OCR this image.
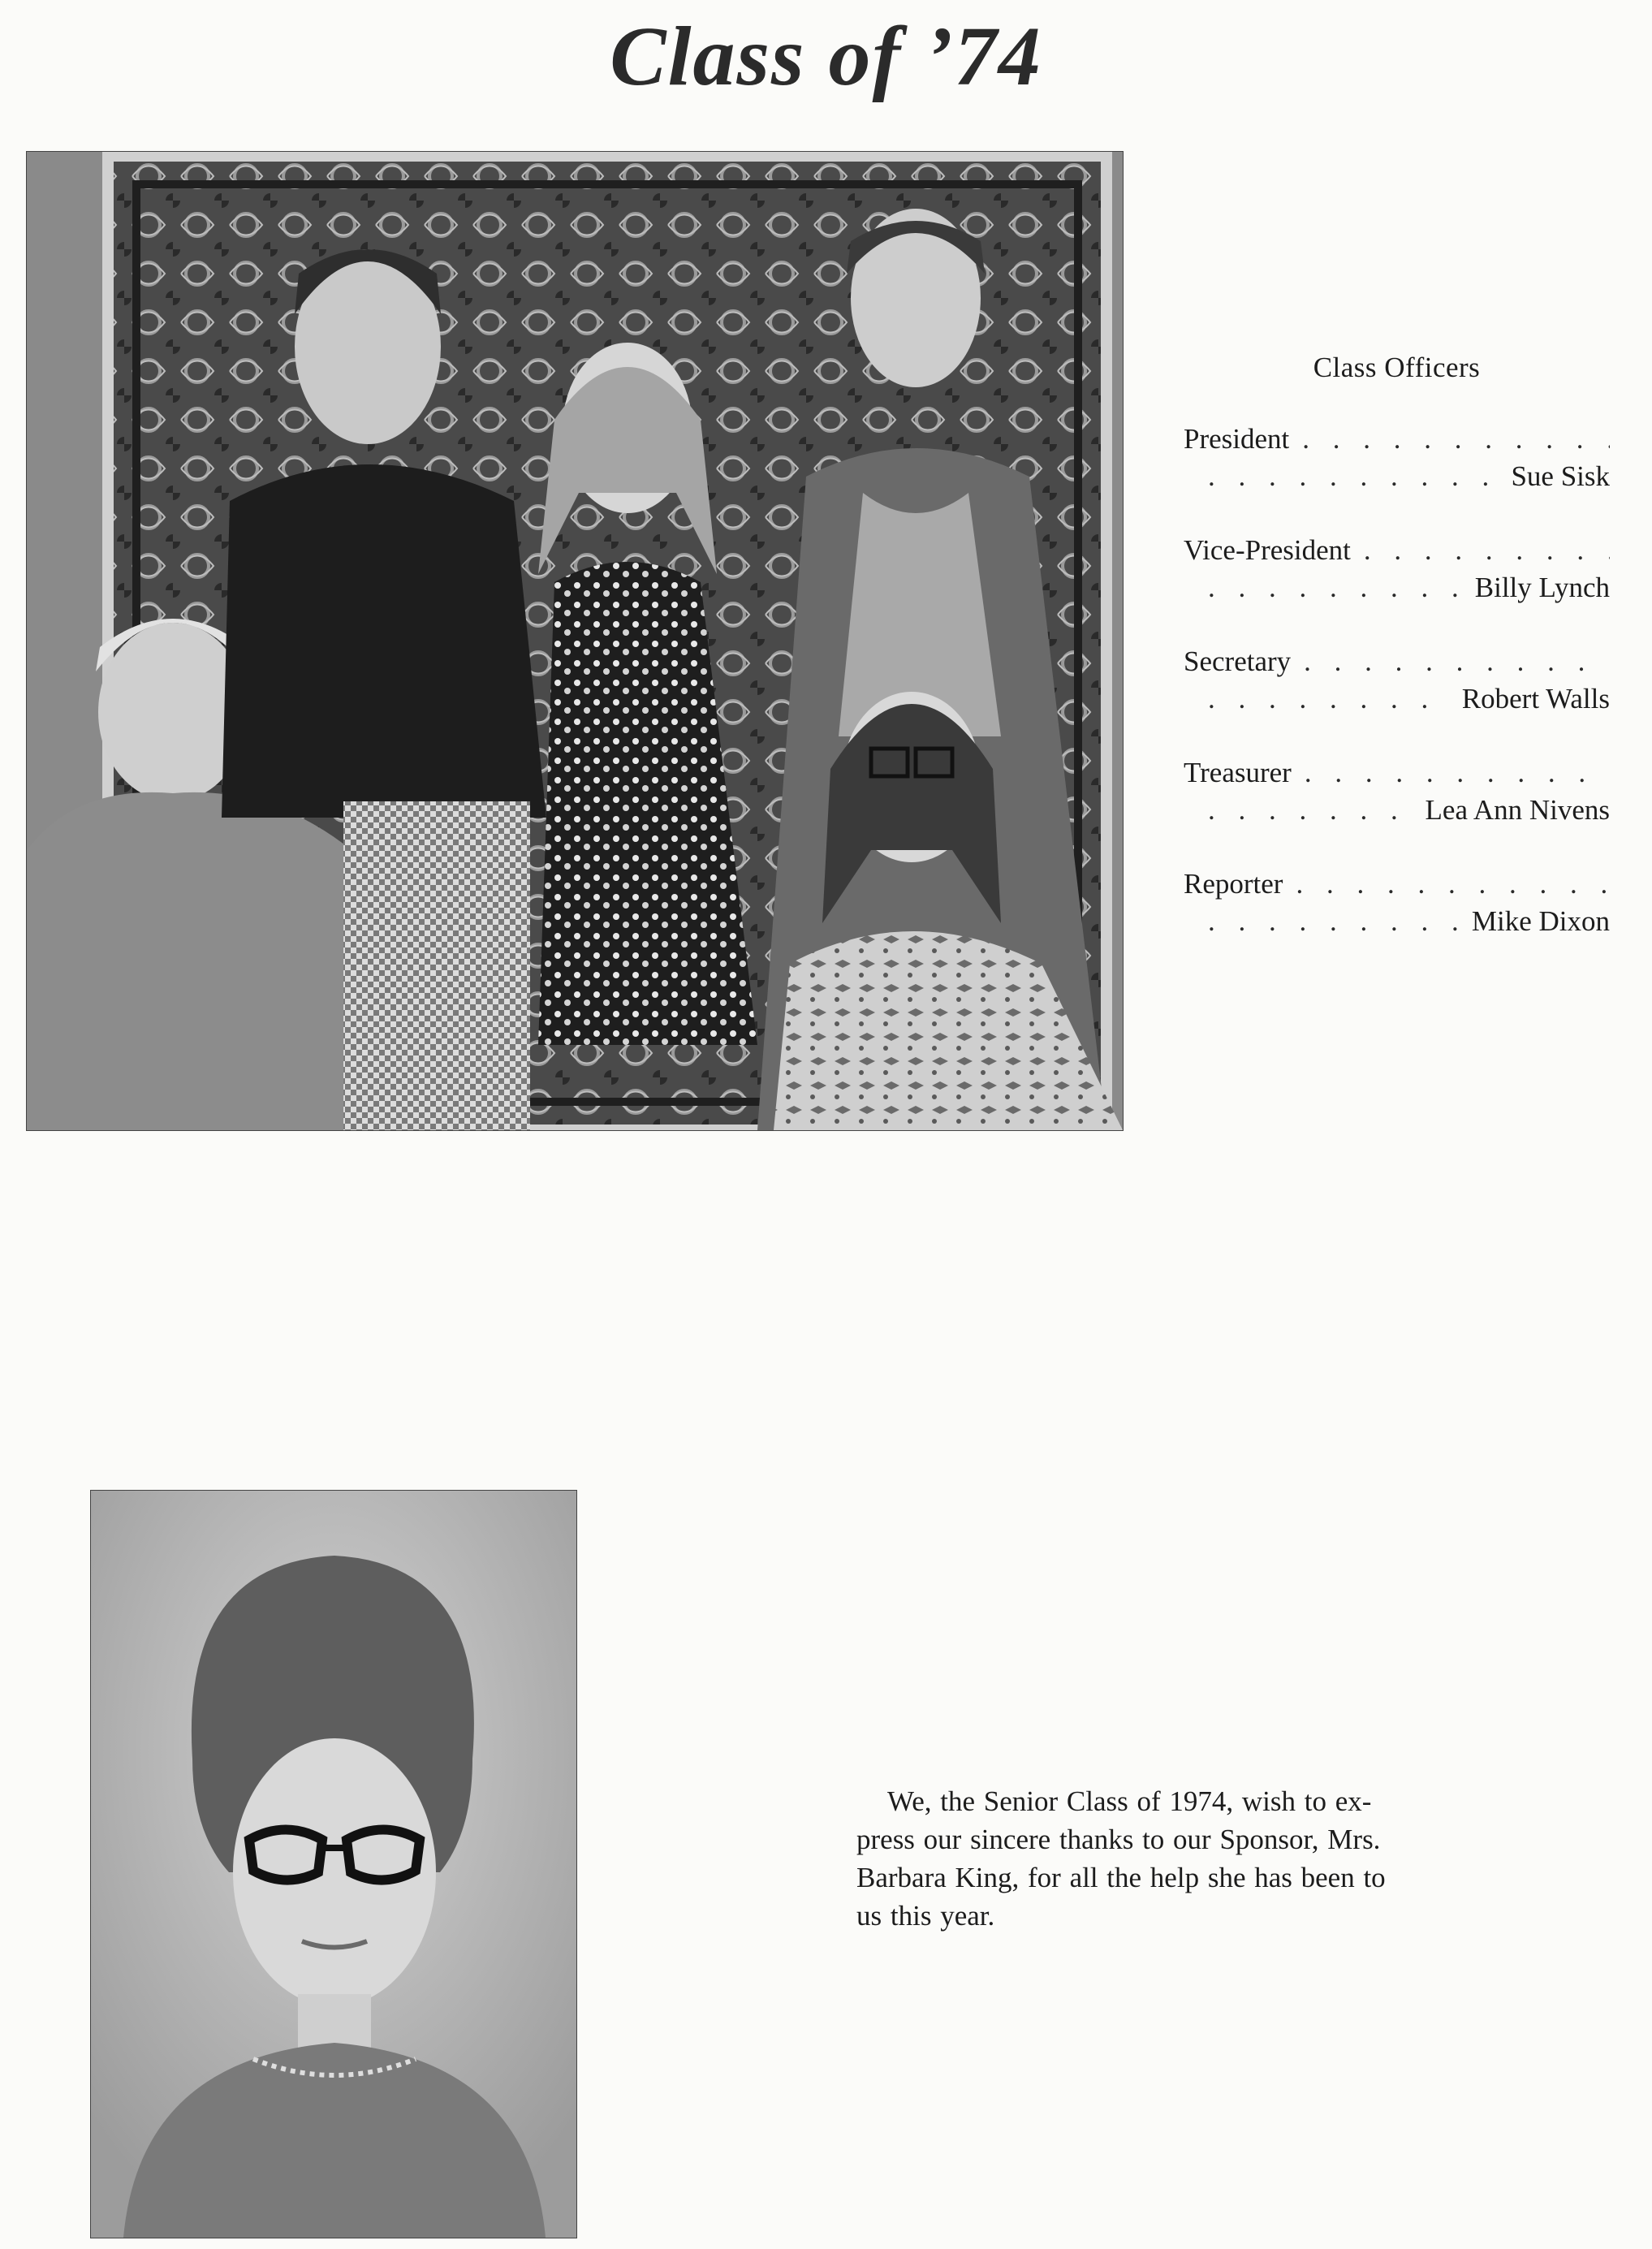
Class of ’74
Class Officers
President
. . .
. . .
Sue Sisk
Vice-President
. . .
. . .
Billy Lynch
Secretary
. . .
. . .
Robert Walls
Treasurer
. . .
. . .
Lea Ann Nivens
Reporter
. . .
. . .
Mike Dixon
We, the Senior Class of 1974, wish to ex-
press our sincere thanks to our Sponsor, Mrs.
Barbara King, for all the help she has been to
us this year.
